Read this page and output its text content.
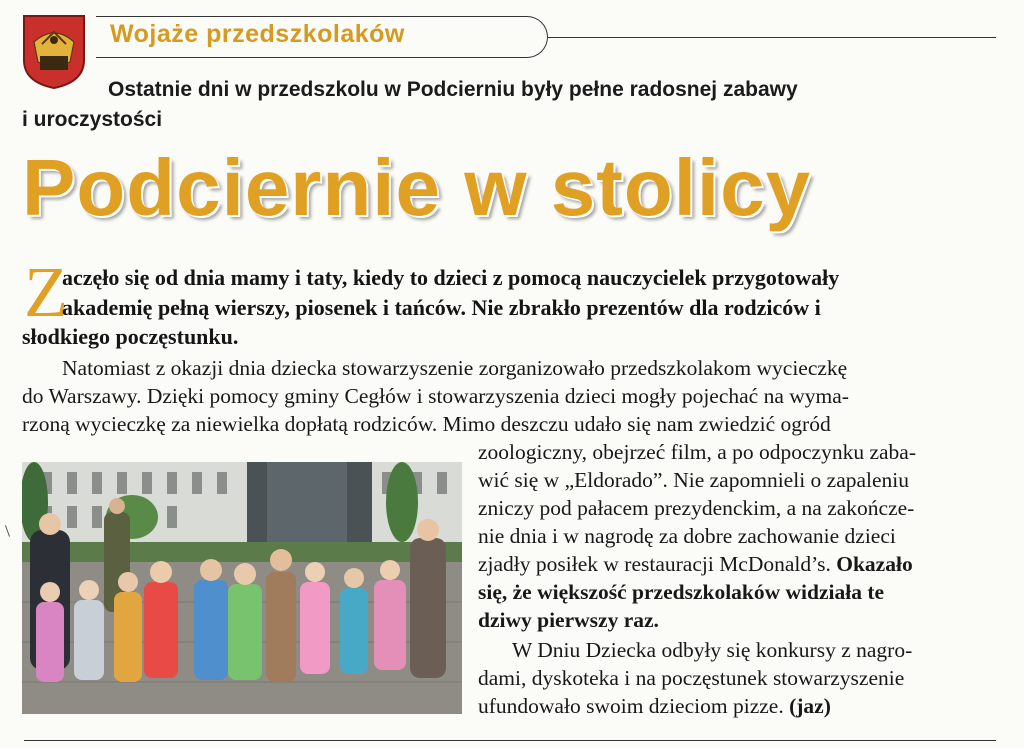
Wojaże przedszkolaków
Ostatnie dni w przedszkolu w Podcierniu były pełne radosnej zabawy
i uroczystości
Podciernie w stolicy
Z
aczęło się od dnia mamy i taty, kiedy to dzieci z pomocą nauczycielek przygotowały
akademię pełną wierszy, piosenek i tańców. Nie zbrakło prezentów dla rodziców i
słodkiego poczęstunku.
Natomiast z okazji dnia dziecka stowarzyszenie zorganizowało przedszkolakom wycieczkę
do Warszawy. Dzięki pomocy gminy Cegłów i stowarzyszenia dzieci mogły pojechać na wyma-
rzoną wycieczkę za niewielka dopłatą rodziców. Mimo deszczu udało się nam zwiedzić ogród
zoologiczny, obejrzeć film, a po odpoczynku zaba-
wić się w „Eldorado”. Nie zapomnieli o zapaleniu
zniczy pod pałacem prezydenckim, a na zakończe-
nie dnia i w nagrodę za dobre zachowanie dzieci
zjadły posiłek w restauracji McDonald’s. Okazało
się, że większość przedszkolaków widziała te
dziwy pierwszy raz.
W Dniu Dziecka odbyły się konkursy z nagro-
dami, dyskoteka i na poczęstunek stowarzyszenie
ufundowało swoim dzieciom pizze. (jaz)
